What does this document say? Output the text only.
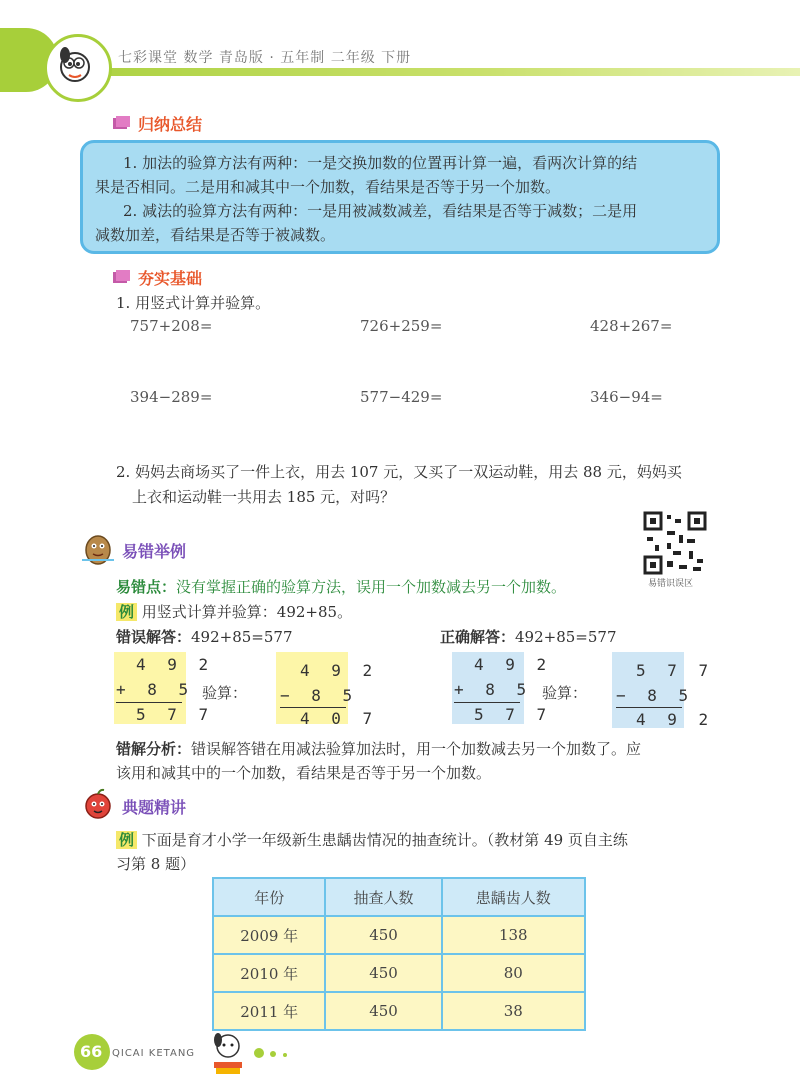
七彩课堂 数学 青岛版 · 五年制 二年级 下册
归纳总结

1. 加法的验算方法有两种：一是交换加数的位置再计算一遍，看两次计算的结

果是否相同。二是用和减其中一个加数，看结果是否等于另一个加数。

2. 减法的验算方法有两种：一是用被减数减差，看结果是否等于减数；二是用

减数加差，看结果是否等于被减数。

夯实基础
1. 用竖式计算并验算。
757+208=	726+259=	428+267=
394−289=	577−429=	346−94=
2. 妈妈去商场买了一件上衣，用去 107 元，又买了一双运动鞋，用去 88 元，妈妈买
上衣和运动鞋一共用去 185 元，对吗？
易错识误区
易错举例
易错点：没有掌握正确的验算方法，误用一个加数减去另一个加数。
例 用竖式计算并验算：492+85。
错误解答：492+85=577	正确解答：492+85=577
4 9 2
+ 8 5
5 7 7
验算：
4 9 2
− 8 5
4 0 7
4 9 2
+ 8 5
5 7 7
验算：
5 7 7
− 8 5
4 9 2
错解分析：错误解答错在用减法验算加法时，用一个加数减去另一个加数了。应
该用和减其中的一个加数，看结果是否等于另一个加数。
典题精讲
例 下面是育才小学一年级新生患龋齿情况的抽查统计。（教材第 49 页自主练
习第 8 题）
年份	抽查人数	患龋齿人数
2009 年	450	138
2010 年	450	80
2011 年	450	38
66 QICAI KETANG
